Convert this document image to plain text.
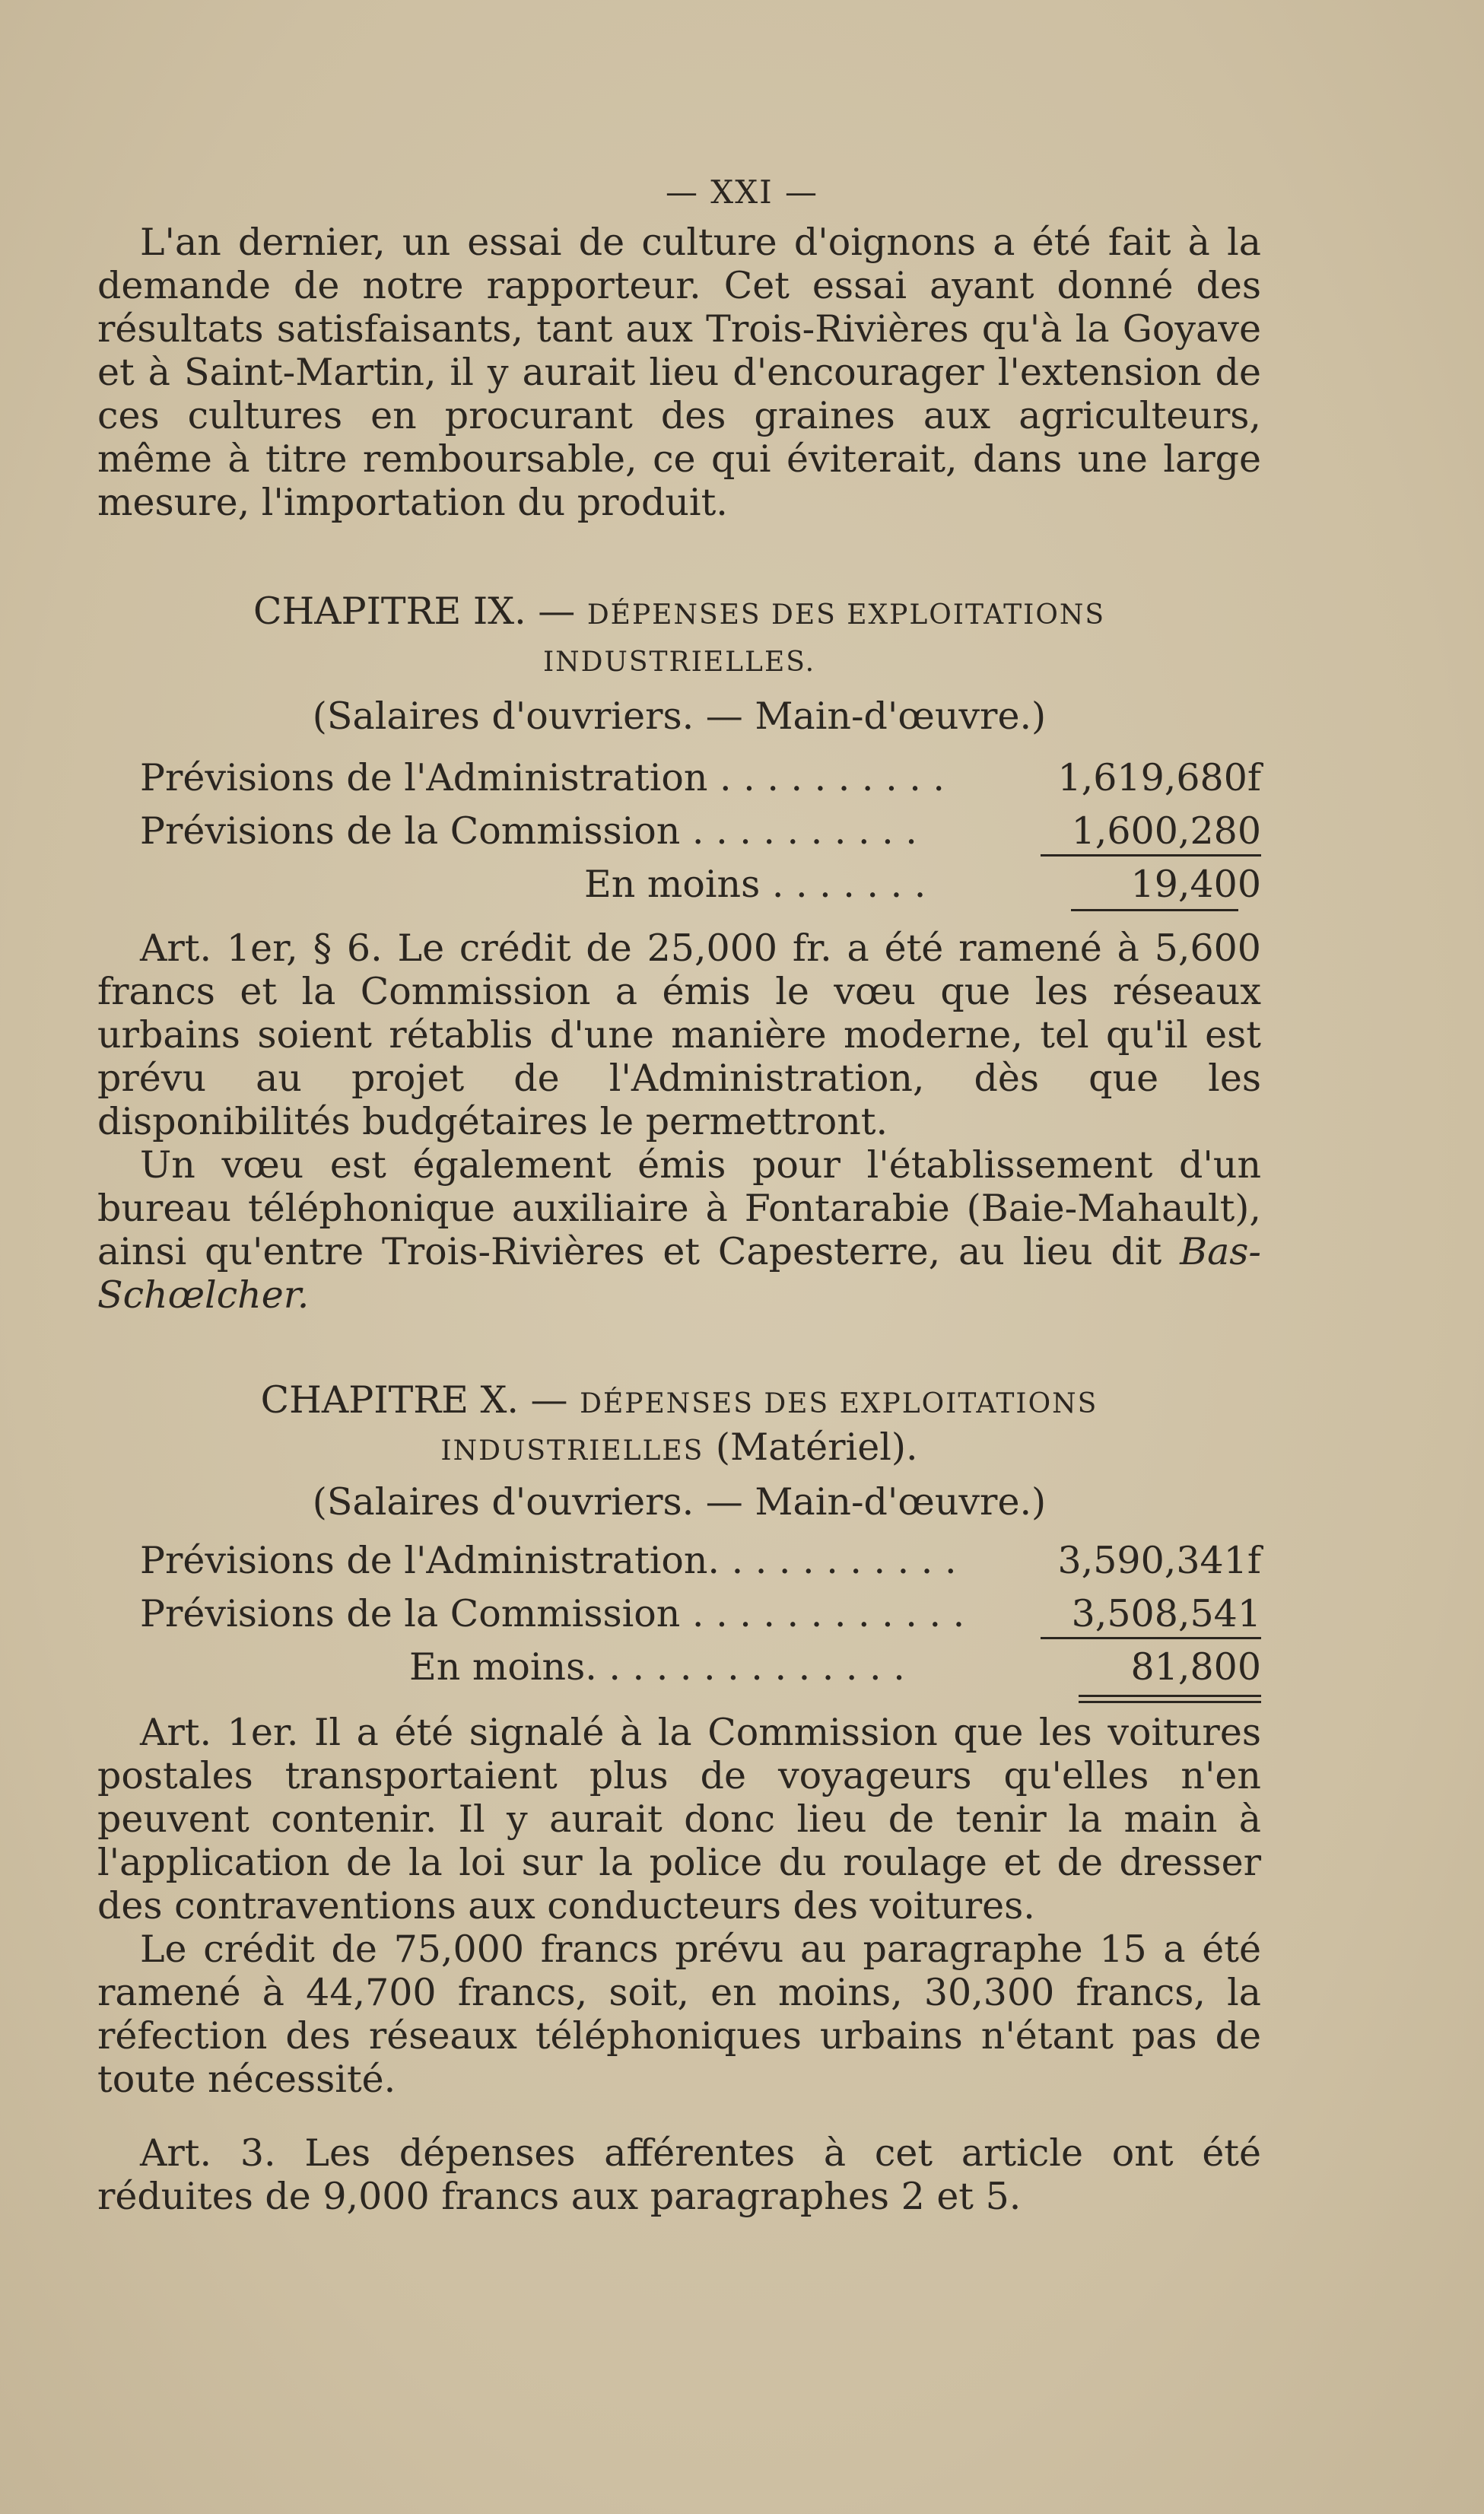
— XXI —

L'an dernier, un essai de culture d'oignons a été fait à la demande de notre rapporteur. Cet essai ayant donné des résultats satisfaisants, tant aux Trois-Rivières qu'à la Goyave et à Saint-Martin, il y aurait lieu d'encourager l'extension de ces cultures en procurant des graines aux agriculteurs, même à titre remboursable, ce qui éviterait, dans une large mesure, l'importation du produit.

CHAPITRE IX. — DÉPENSES DES EXPLOITATIONS
INDUSTRIELLES.

(Salaires d'ouvriers. — Main-d'œuvre.)

Prévisions de l'Administration . . . . . . . . . .	1,619,680f
Prévisions de la Commission . . . . . . . . . .	1,600,280
En moins . . . . . . .	19,400

Art. 1er, § 6. Le crédit de 25,000 fr. a été ramené à 5,600 francs et la Commission a émis le vœu que les réseaux urbains soient rétablis d'une manière moderne, tel qu'il est prévu au projet de l'Administration, dès que les disponibilités budgétaires le permettront.

Un vœu est également émis pour l'établissement d'un bureau téléphonique auxiliaire à Fontarabie (Baie-Mahault), ainsi qu'entre Trois-Rivières et Capesterre, au lieu dit Bas-Schœlcher.

CHAPITRE X. — DÉPENSES DES EXPLOITATIONS
INDUSTRIELLES (Matériel).

(Salaires d'ouvriers. — Main-d'œuvre.)

Prévisions de l'Administration. . . . . . . . . . .	3,590,341f
Prévisions de la Commission . . . . . . . . . . . .	3,508,541
En moins. . . . . . . . . . . . . .	81,800

Art. 1er. Il a été signalé à la Commission que les voitures postales transportaient plus de voyageurs qu'elles n'en peuvent contenir. Il y aurait donc lieu de tenir la main à l'application de la loi sur la police du roulage et de dresser des contraventions aux conducteurs des voitures.

Le crédit de 75,000 francs prévu au paragraphe 15 a été ramené à 44,700 francs, soit, en moins, 30,300 francs, la réfection des réseaux téléphoniques urbains n'étant pas de toute nécessité.

Art. 3. Les dépenses afférentes à cet article ont été réduites de 9,000 francs aux paragraphes 2 et 5.
